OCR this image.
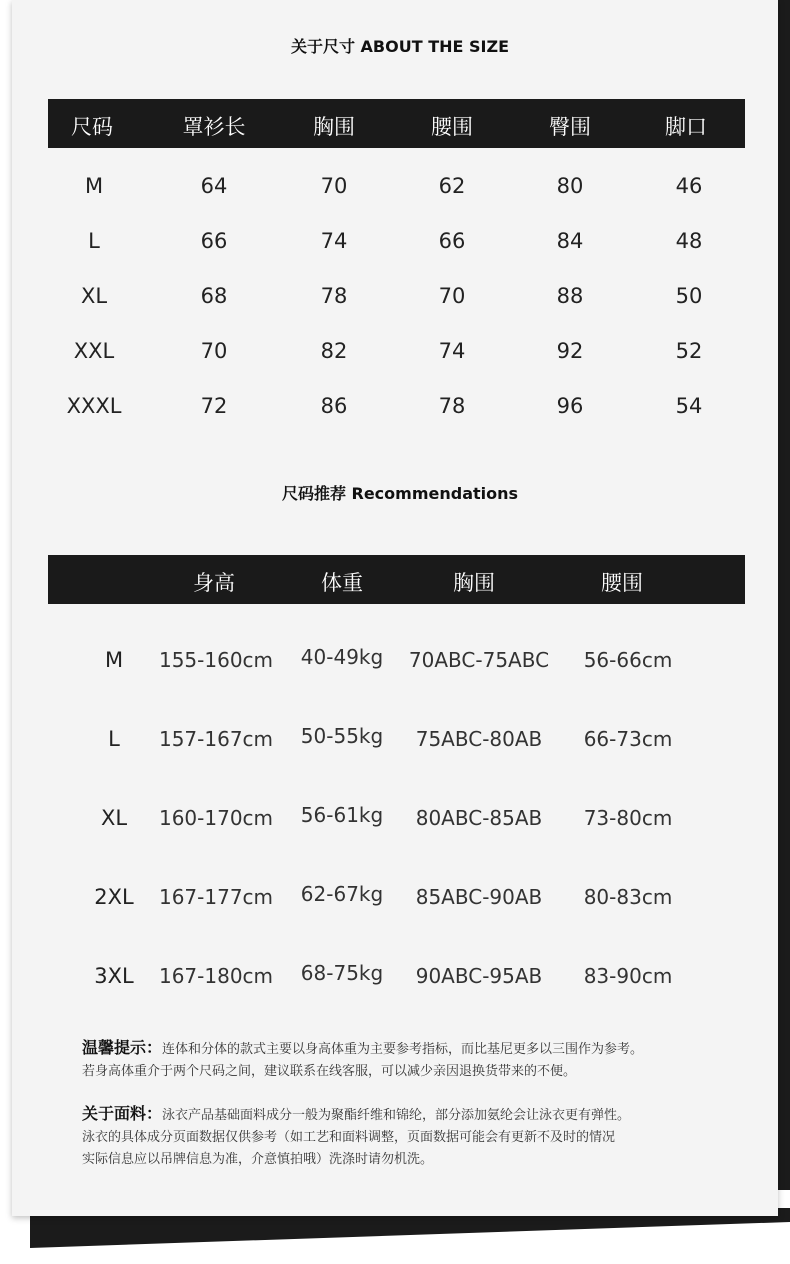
关于尺寸 ABOUT THE SIZE
尺码	罩衫长	胸围	腰围	臀围	脚口
M	64	70	62	80	46
L	66	74	66	84	48
XL	68	78	70	88	50
XXL	70	82	74	92	52
XXXL	72	86	78	96	54
尺码推荐 Recommendations
身高	体重	胸围	腰围
M 155-160cm 40-49kg 70ABC-75ABC 56-66cm
L 157-167cm 50-55kg 75ABC-80AB 66-73cm
XL 160-170cm 56-61kg 80ABC-85AB 73-80cm
2XL 167-177cm 62-67kg 85ABC-90AB 80-83cm
3XL 167-180cm 68-75kg 90ABC-95AB 83-90cm
温馨提示：连体和分体的款式主要以身高体重为主要参考指标，而比基尼更多以三围作为参考。
若身高体重介于两个尺码之间，建议联系在线客服，可以减少亲因退换货带来的不便。
关于面料：泳衣产品基础面料成分一般为聚酯纤维和锦纶，部分添加氨纶会让泳衣更有弹性。
泳衣的具体成分页面数据仅供参考（如工艺和面料调整，页面数据可能会有更新不及时的情况
实际信息应以吊牌信息为准，介意慎拍哦）洗涤时请勿机洗。
